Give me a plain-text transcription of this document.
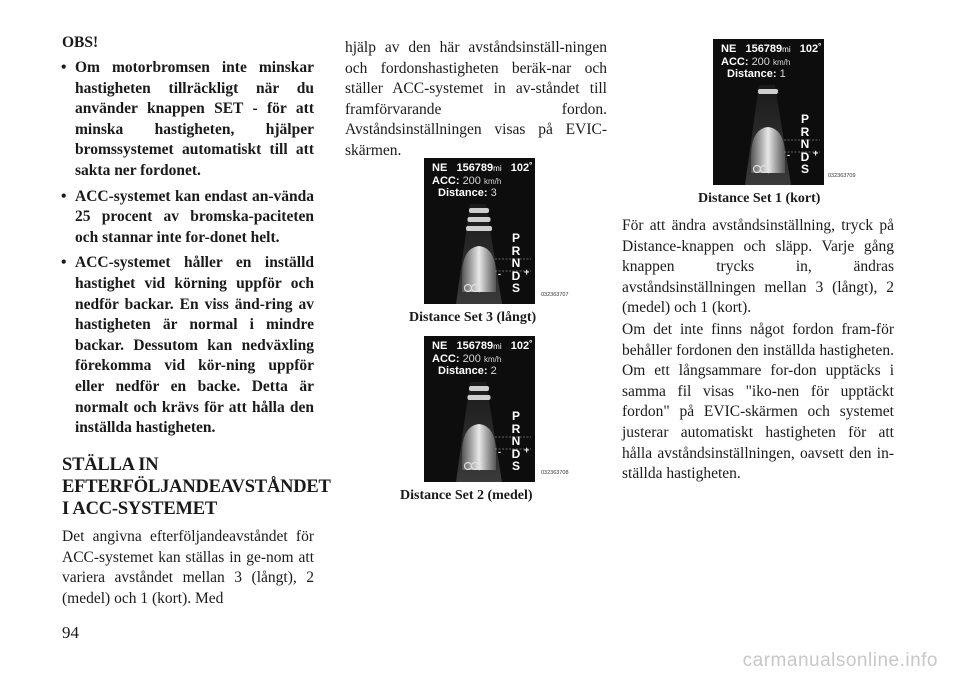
OBS!

• Om motorbromsen inte minskar hastigheten tillräckligt när du använder knappen SET - för att minska hastigheten, hjälper bromssystemet automatiskt till att sakta ner fordonet.
• ACC-systemet kan endast an-vända 25 procent av bromska-paciteten och stannar inte for-donet helt.
• ACC-systemet håller en inställd hastighet vid körning uppför och nedför backar. En viss änd-ring av hastigheten är normal i mindre backar. Dessutom kan nedväxling förekomma vid kör-ning uppför eller nedför en backe. Detta är normalt och krävs för att hålla den inställda hastigheten.
STÄLLA IN EFTERFÖLJANDEAVSTÅNDET I ACC-SYSTEMET

Det angivna efterföljandeavståndet för ACC-systemet kan ställas in ge-nom att variera avståndet mellan 3 (långt), 2 (medel) och 1 (kort). Med

hjälp av den här avståndsinställ-ningen och fordonshastigheten beräk-nar och ställer ACC-systemet in av-ståndet till framförvarande fordon. Avståndsinställningen visas på EVIC-skärmen.

För att ändra avståndsinställning, tryck på Distance-knappen och släpp. Varje gång knappen trycks in, ändras avståndsinställningen mellan 3 (långt), 2 (medel) och 1 (kort).

Om det inte finns något fordon fram-för behåller fordonen den inställda hastigheten. Om ett långsammare for-don upptäcks i samma fil visas "iko-nen för upptäckt fordon" på EVIC-skärmen och systemet justerar automatiskt hastigheten för att hålla avståndsinställningen, oavsett den in-ställda hastigheten.

NE 156789mi 102˚
ACC: 200 km/h
Distance: 3
P
R
N
D
S
-	+
032363707
Distance Set 3 (långt)
NE 156789mi 102˚
ACC: 200 km/h
Distance: 2
P
R
N
D
S
-	+
032363708
Distance Set 2 (medel)
NE 156789mi 102˚
ACC: 200 km/h
Distance: 1
P
R
N
D
S
-	+
032363709
Distance Set 1 (kort)
94
carmanualsonline.info
